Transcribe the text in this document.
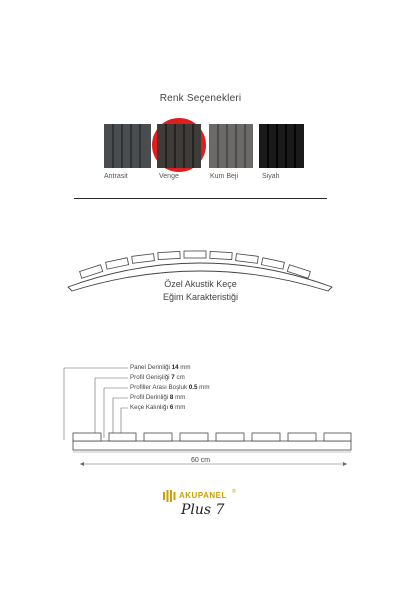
Renk Seçenekleri
Antrasit	Venge	Kum Beji	Siyah
Özel Akustik Keçe
Eğim Karakteristiği
Panel Derinliği 14 mm
Profil Genişliği 7 cm
Profiller Arası Boşluk 0.5 mm
Profil Derinliği 8 mm
Keçe Kalınlığı 6 mm
60 cm
AKUPANEL ®
Plus 7
